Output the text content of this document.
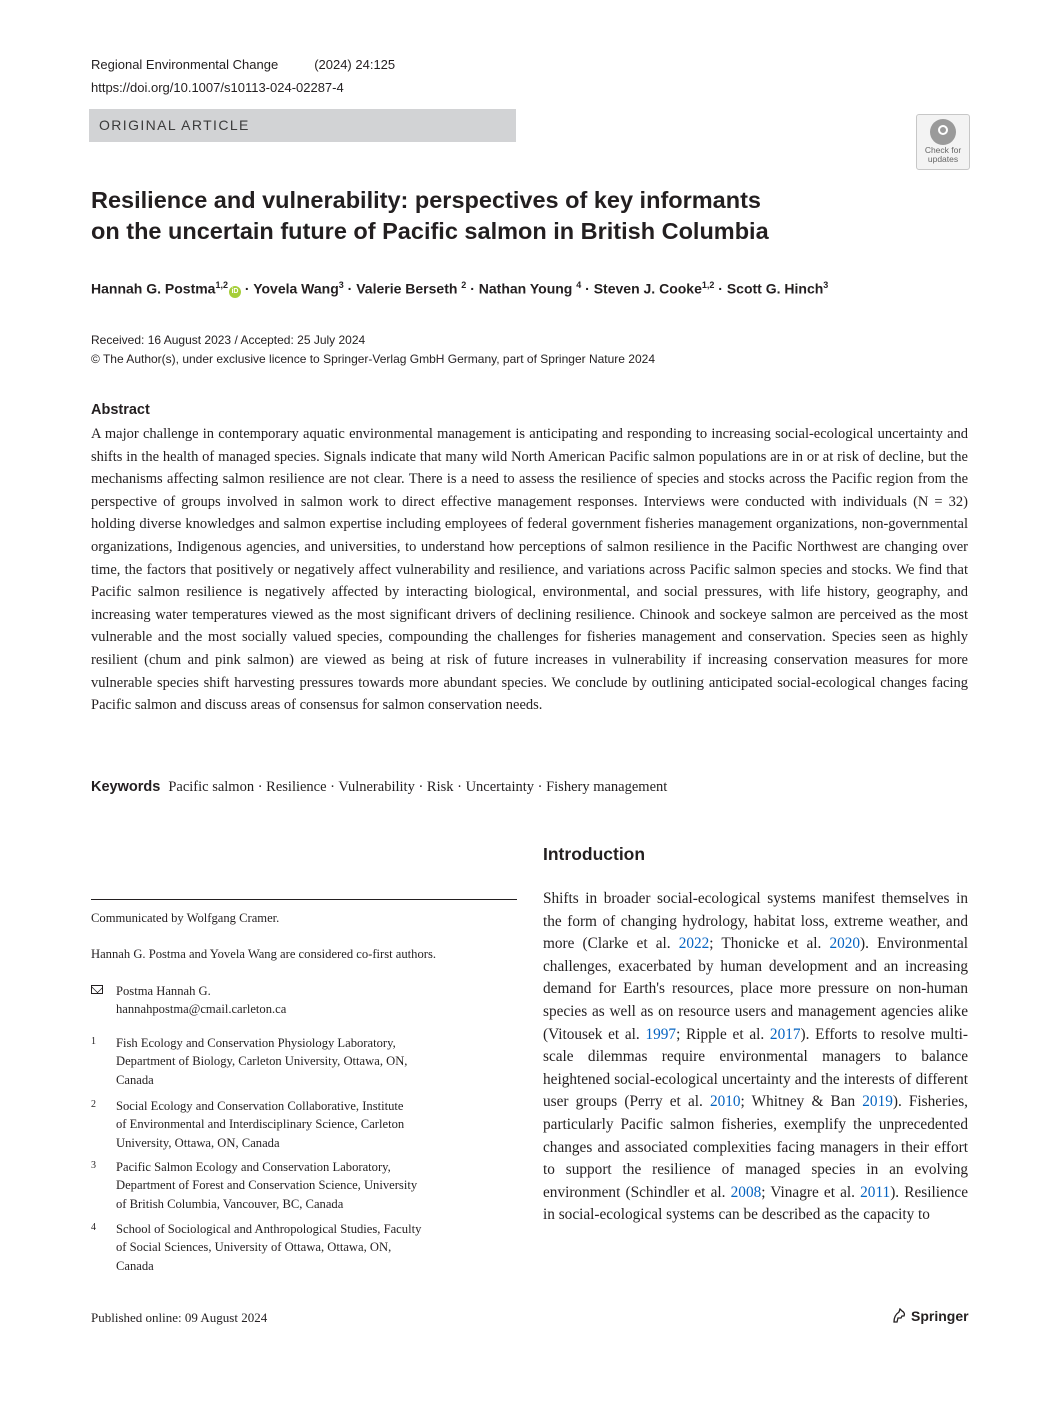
Regional Environmental Change	(2024) 24:125
https://doi.org/10.1007/s10113-024-02287-4
ORIGINAL ARTICLE
Check for
updates
Resilience and vulnerability: perspectives of key informants
on the uncertain future of Pacific salmon in British Columbia
Hannah G. Postma$^{1,2}$iD · Yovela Wang$^3$ · Valerie Berseth $^2$ · Nathan Young $^4$ · Steven J. Cooke$^{1,2}$ · Scott G. Hinch$^3$
Received: 16 August 2023 / Accepted: 25 July 2024
© The Author(s), under exclusive licence to Springer-Verlag GmbH Germany, part of Springer Nature 2024
Abstract
A major challenge in contemporary aquatic environmental management is anticipating and responding to increasing social-ecological uncertainty and shifts in the health of managed species. Signals indicate that many wild North American Pacific salmon populations are in or at risk of decline, but the mechanisms affecting salmon resilience are not clear. There is a need to assess the resilience of species and stocks across the Pacific region from the perspective of groups involved in salmon work to direct effective management responses. Interviews were conducted with individuals (N = 32) holding diverse knowledges and salmon expertise including employees of federal government fisheries management organizations, non-governmental organizations, Indigenous agencies, and universities, to understand how perceptions of salmon resilience in the Pacific Northwest are changing over time, the factors that positively or negatively affect vulnerability and resilience, and variations across Pacific salmon species and stocks. We find that Pacific salmon resilience is negatively affected by interacting biological, environmental, and social pressures, with life history, geography, and increasing water temperatures viewed as the most significant drivers of declining resilience. Chinook and sockeye salmon are perceived as the most vulnerable and the most socially valued species, compounding the challenges for fisheries management and conservation. Species seen as highly resilient (chum and pink salmon) are viewed as being at risk of future increases in vulnerability if increasing conservation measures for more vulnerable species shift harvesting pressures towards more abundant species. We conclude by outlining anticipated social-ecological changes facing Pacific salmon and discuss areas of consensus for salmon conservation needs.
Keywords Pacific salmon · Resilience · Vulnerability · Risk · Uncertainty · Fishery management
Communicated by Wolfgang Cramer.
Hannah G. Postma and Yovela Wang are considered co-first authors.
Postma Hannah G.
hannahpostma@cmail.carleton.ca
1 Fish Ecology and Conservation Physiology Laboratory,
Department of Biology, Carleton University, Ottawa, ON,
Canada
2 Social Ecology and Conservation Collaborative, Institute
of Environmental and Interdisciplinary Science, Carleton
University, Ottawa, ON, Canada
3 Pacific Salmon Ecology and Conservation Laboratory,
Department of Forest and Conservation Science, University
of British Columbia, Vancouver, BC, Canada
4 School of Sociological and Anthropological Studies, Faculty
of Social Sciences, University of Ottawa, Ottawa, ON,
Canada
Introduction
Shifts in broader social-ecological systems manifest themselves in the form of changing hydrology, habitat loss, extreme weather, and more (Clarke et al. 2022; Thonicke et al. 2020). Environmental challenges, exacerbated by human development and an increasing demand for Earth's resources, place more pressure on non-human species as well as on resource users and management agencies alike (Vitousek et al. 1997; Ripple et al. 2017). Efforts to resolve multi-scale dilemmas require environmental managers to balance heightened social-ecological uncertainty and the interests of different user groups (Perry et al. 2010; Whitney & Ban 2019). Fisheries, particularly Pacific salmon fisheries, exemplify the unprecedented changes and associated complexities facing managers in their effort to support the resilience of managed species in an evolving environment (Schindler et al. 2008; Vinagre et al. 2011). Resilience in social-ecological systems can be described as the capacity to
Published online: 09 August 2024	Springer
